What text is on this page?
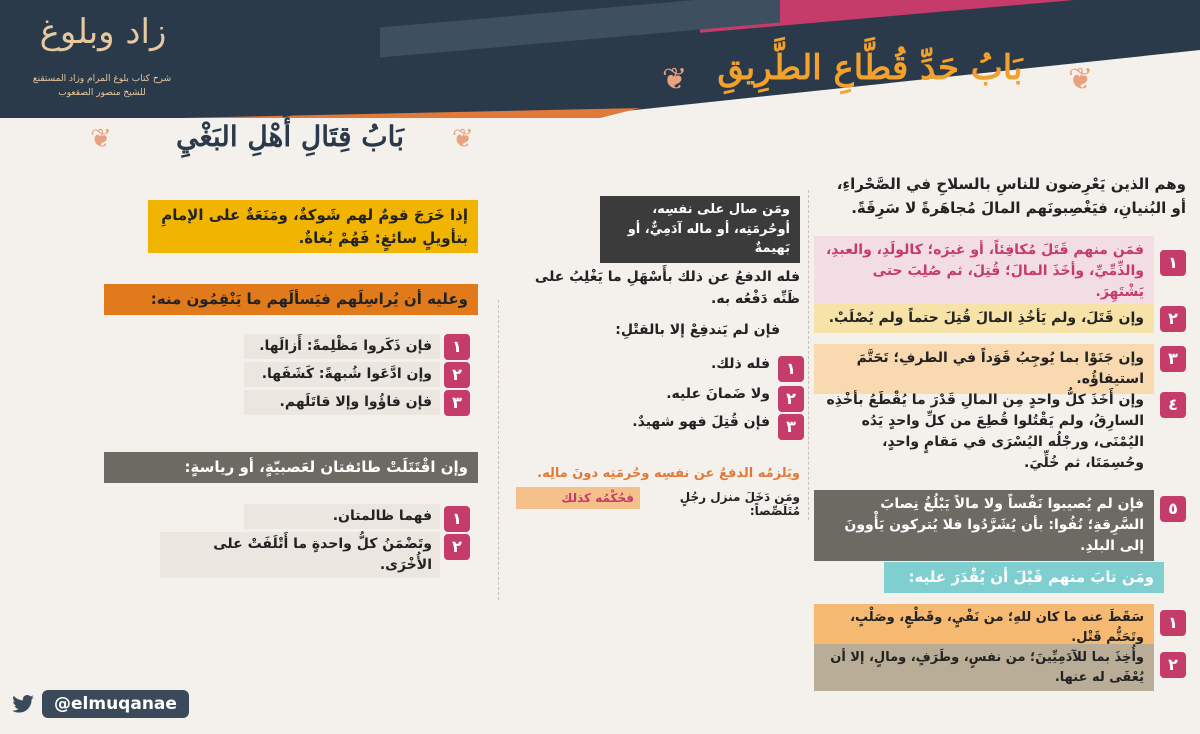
زاد وبلوغ
شرح كتاب بلوغ المرام وزاد المستقنع
للشيخ منصور الصقعوب	❦ بَابُ حَدِّ قُطَّاعِ الطَّرِيقِ	❦
❦	بَابُ قِتَالِ أَهْلِ البَغْيِ	❦
وهم الذين يَعْرِضون للناسِ بالسلاحِ في الصَّحْراءِ، أو البُنيانِ، فيَغْصِبونَهم المالَ مُجاهَرةً لا سَرِقَةً.
١
فمَن منهم قَتَلَ مُكافِئاً، أو غيرَه؛ كالولَدِ، والعبدِ، والذِّمِّيِّ، وأخَذَ المالَ؛ قُتِلَ، ثم صُلِبَ حتى يَشْتَهِرَ.
٢
وإن قَتَلَ، ولم يَأخُذِ المالَ قُتِلَ حتماً ولم يُصْلَبْ.
٣
وإن جَنَوْا بما يُوجِبُ قَوَداً في الطرفِ؛ تَحَتَّمَ استيفاؤُه.
٤
وإن أَخَذَ كلُّ واحدٍ مِن المالِ قَدْرَ ما يُقْطَعُ بأخْذِه السارِقُ، ولم يَقْتُلوا قُطِعَ من كلِّ واحدٍ يَدُه اليُمْنَى، ورجْلُه اليُسْرَى في مَقامٍ واحدٍ، وحُسِمَتَا، ثم خُلِّيَ.
٥
فإن لم يُصيبوا نَفْساً ولا مالاً يَبْلُغُ نِصابَ السَّرِقةِ؛ نُفُوا: بأن يُشَرَّدُوا فلا يُتركون يَأْوونَ إلى البلدِ.
ومَن تابَ منهم قَبْلَ أن يُقْدَرَ عليه:
١
سَقَطَ عنه ما كان للهِ؛ من نَفْيٍ، وقَطْعٍ، وصَلْبٍ، وتَحَتُّمِ قَتْلٍ.
٢
وأُخِذَ بما للآدَمِيِّينَ؛ من نفسٍ، وطَرَفٍ، ومالٍ، إلا أن يُعْفَى له عنها.
ومَن صال على نفسِه، أوحُرمَتِه، أو ماله آدَمِيٌّ، أو بَهيمةٌ
فله الدفعُ عن ذلك بأَسْهَلِ ما يَغْلِبُ على ظَنِّه دَفْعُه به.
فإن لم يَندفِعْ إلا بالقتْلِ:
١
فله ذلك.
٢
ولا ضَمانَ عليه.
٣
فإن قُتِلَ فهو شهيدٌ.
ويَلزمُه الدفعُ عن نفسِه وحُرمَتِه دونَ مالِه.
ومَن دَخَلَ منزل رجُلٍ مُتَلَصِّصاً:
فحُكْمُه كذلك
إذا خَرَجَ قومٌ لهم شَوكةٌ، ومَنَعَةٌ على الإمامِ بتأويلٍ سائغٍ: فَهُمْ بُغاةٌ.
وعليه أن يُراسِلَهم فيَسألَهم ما يَنْقِمُون منه:
١
فإن ذَكَروا مَظْلِمةً: أَزالَها.
٢
وإن ادَّعَوا شُبهةً: كَشَفَها.
٣
فإن فاؤُوا وإلا قاتَلَهم.
وإن اقْتَتَلَتْ طائفتان لعَصبيّةٍ، أو رياسةٍ:
١
فهما ظالمتان.
٢
وتَضْمَنُ كلُّ واحدةٍ ما أَتْلَفَتْ على الأُخْرَى.
@elmuqanae
